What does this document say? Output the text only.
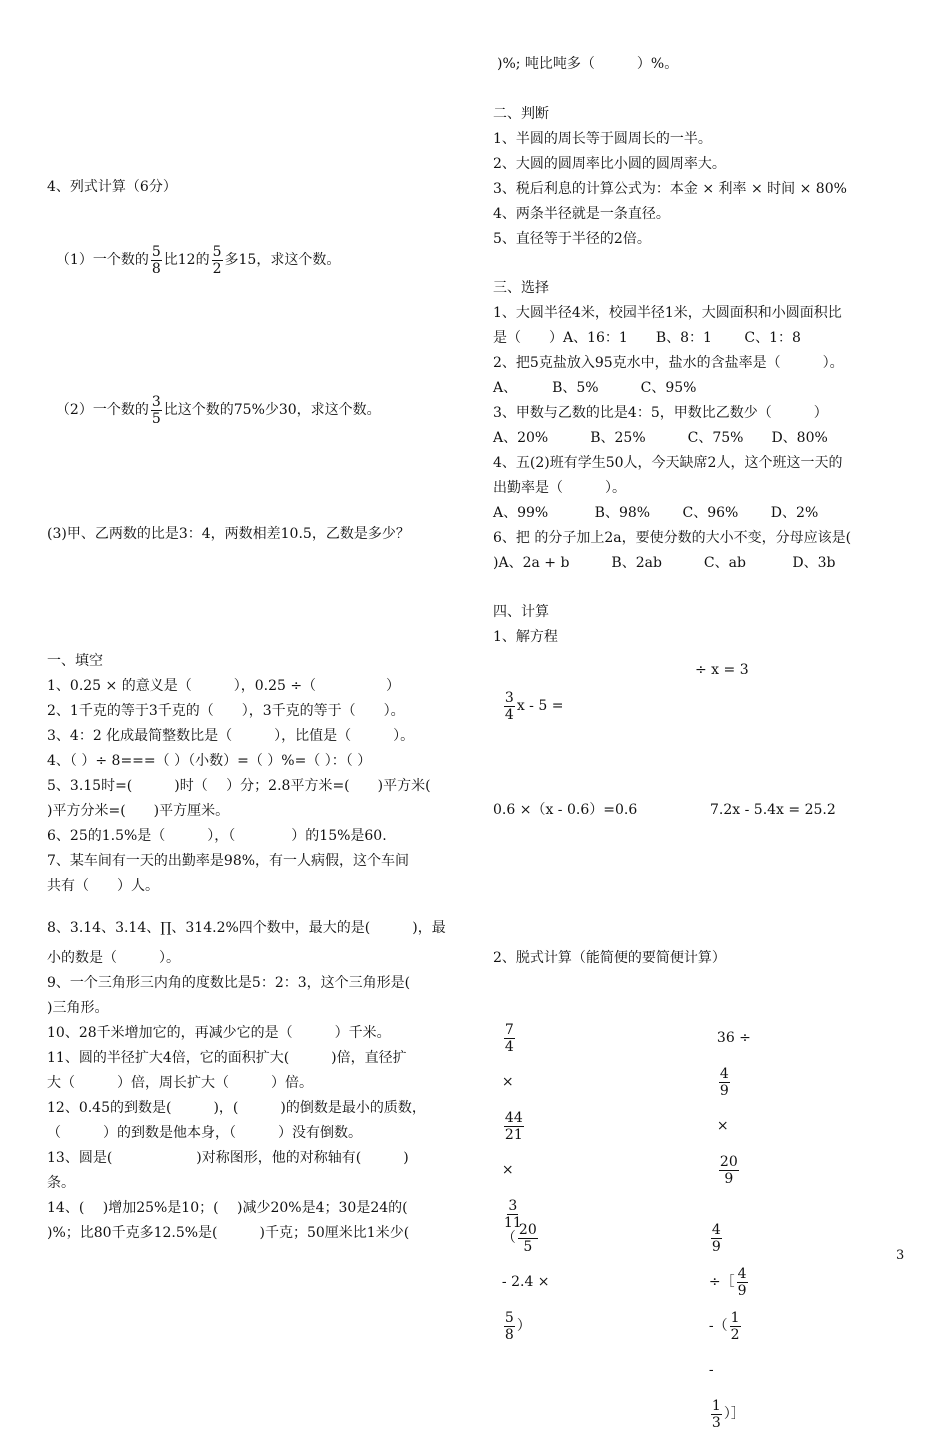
)%; 吨比吨多（　　　）%。
二、判断
1、半圆的周长等于圆周长的一半。
2、大圆的圆周率比小圆的圆周率大。
3、税后利息的计算公式为：本金 × 利率 × 时间 × 80%
4、两条半径就是一条直径。
5、直径等于半径的2倍。
三、选择
1、大圆半径4米，校园半径1米，大圆面积和小圆面积比
是（　　）A、16：1　　B、8：1　　 C、1：8
2、把5克盐放入95克水中，盐水的含盐率是（　　　）。
A、　　　B、5%　　　C、95%
3、甲数与乙数的比是4：5，甲数比乙数少（　　　）
A、20%　　　B、25%　　　C、75%　　D、80%
4、五(2)班有学生50人，今天缺席2人，这个班这一天的
出勤率是（　　　）。
A、99%　　　 B、98%　　 C、96%　　 D、2%
6、把 的分子加上2a，要使分数的大小不变，分母应该是(
)A、2a + b　　　B、2ab　　　C、ab　　　 D、3b
四、计算
1、解方程

$\frac{3}{4}$ x - 5 =

÷ x = 3
0.6 ×（x - 0.6）=0.6	7.2x - 5.4x = 25.2
2、脱式计算（能简便的要简便计算）

$\frac{7}{4}$

×

$\frac{44}{21}$

×

$\frac{3}{11}$

36 ÷

$\frac{4}{9}$

×

$\frac{20}{9}$

（ $\frac{20}{5}$

- 2.4 ×

$\frac{5}{8}$ ）

$\frac{4}{9}$

÷［ $\frac{4}{9}$

-（ $\frac{1}{2}$

-

$\frac{1}{3}$ ）］

4、列式计算（6分）

（1）一个数的 $\frac{5}{8}$ 比12的 $\frac{5}{2}$ 多15，求这个数。

（2）一个数的 $\frac{3}{5}$ 比这个数的75%少30，求这个数。

(3)甲、乙两数的比是3：4，两数相差10.5，乙数是多少？
一、填空
1、0.25 × 的意义是（　　　），0.25 ÷（　　　　　）
2、1千克的等于3千克的（　　），3千克的等于（　　）。
3、4：2 化成最简整数比是（　　　），比值是（　　　）。
4、（ ）÷ 8===（ ）（小数）=（ ）%=（ ）：（ ）
5、3.15时=(　　　)时（　 ）分；2.8平方米=(　　)平方米(
)平方分米=(　　)平方厘米。
6、25的1.5%是（　　　），（　　　　）的15%是60.
7、某车间有一天的出勤率是98%，有一人病假，这个车间
共有（　　）人。
8、3.14、3.14、∏、314.2%四个数中，最大的是(　　　)，最
小的数是（　　　）。
9、一个三角形三内角的度数比是5：2：3，这个三角形是(
)三角形。
10、28千米增加它的，再减少它的是（　　　）千米。
11、圆的半径扩大4倍，它的面积扩大(　　　)倍，直径扩
大（　　　）倍，周长扩大（　　　）倍。
12、0.45的到数是(　　　)，(　　　)的倒数是最小的质数，
（　　　）的到数是他本身，（　　　）没有倒数。
13、圆是(　　　　　　)对称图形，他的对称轴有(　　　)
条。
14、(　 )增加25%是10；(　 )减少20%是4；30是24的(
)%；比80千克多12.5%是(　　　)千克；50厘米比1米少(
3
